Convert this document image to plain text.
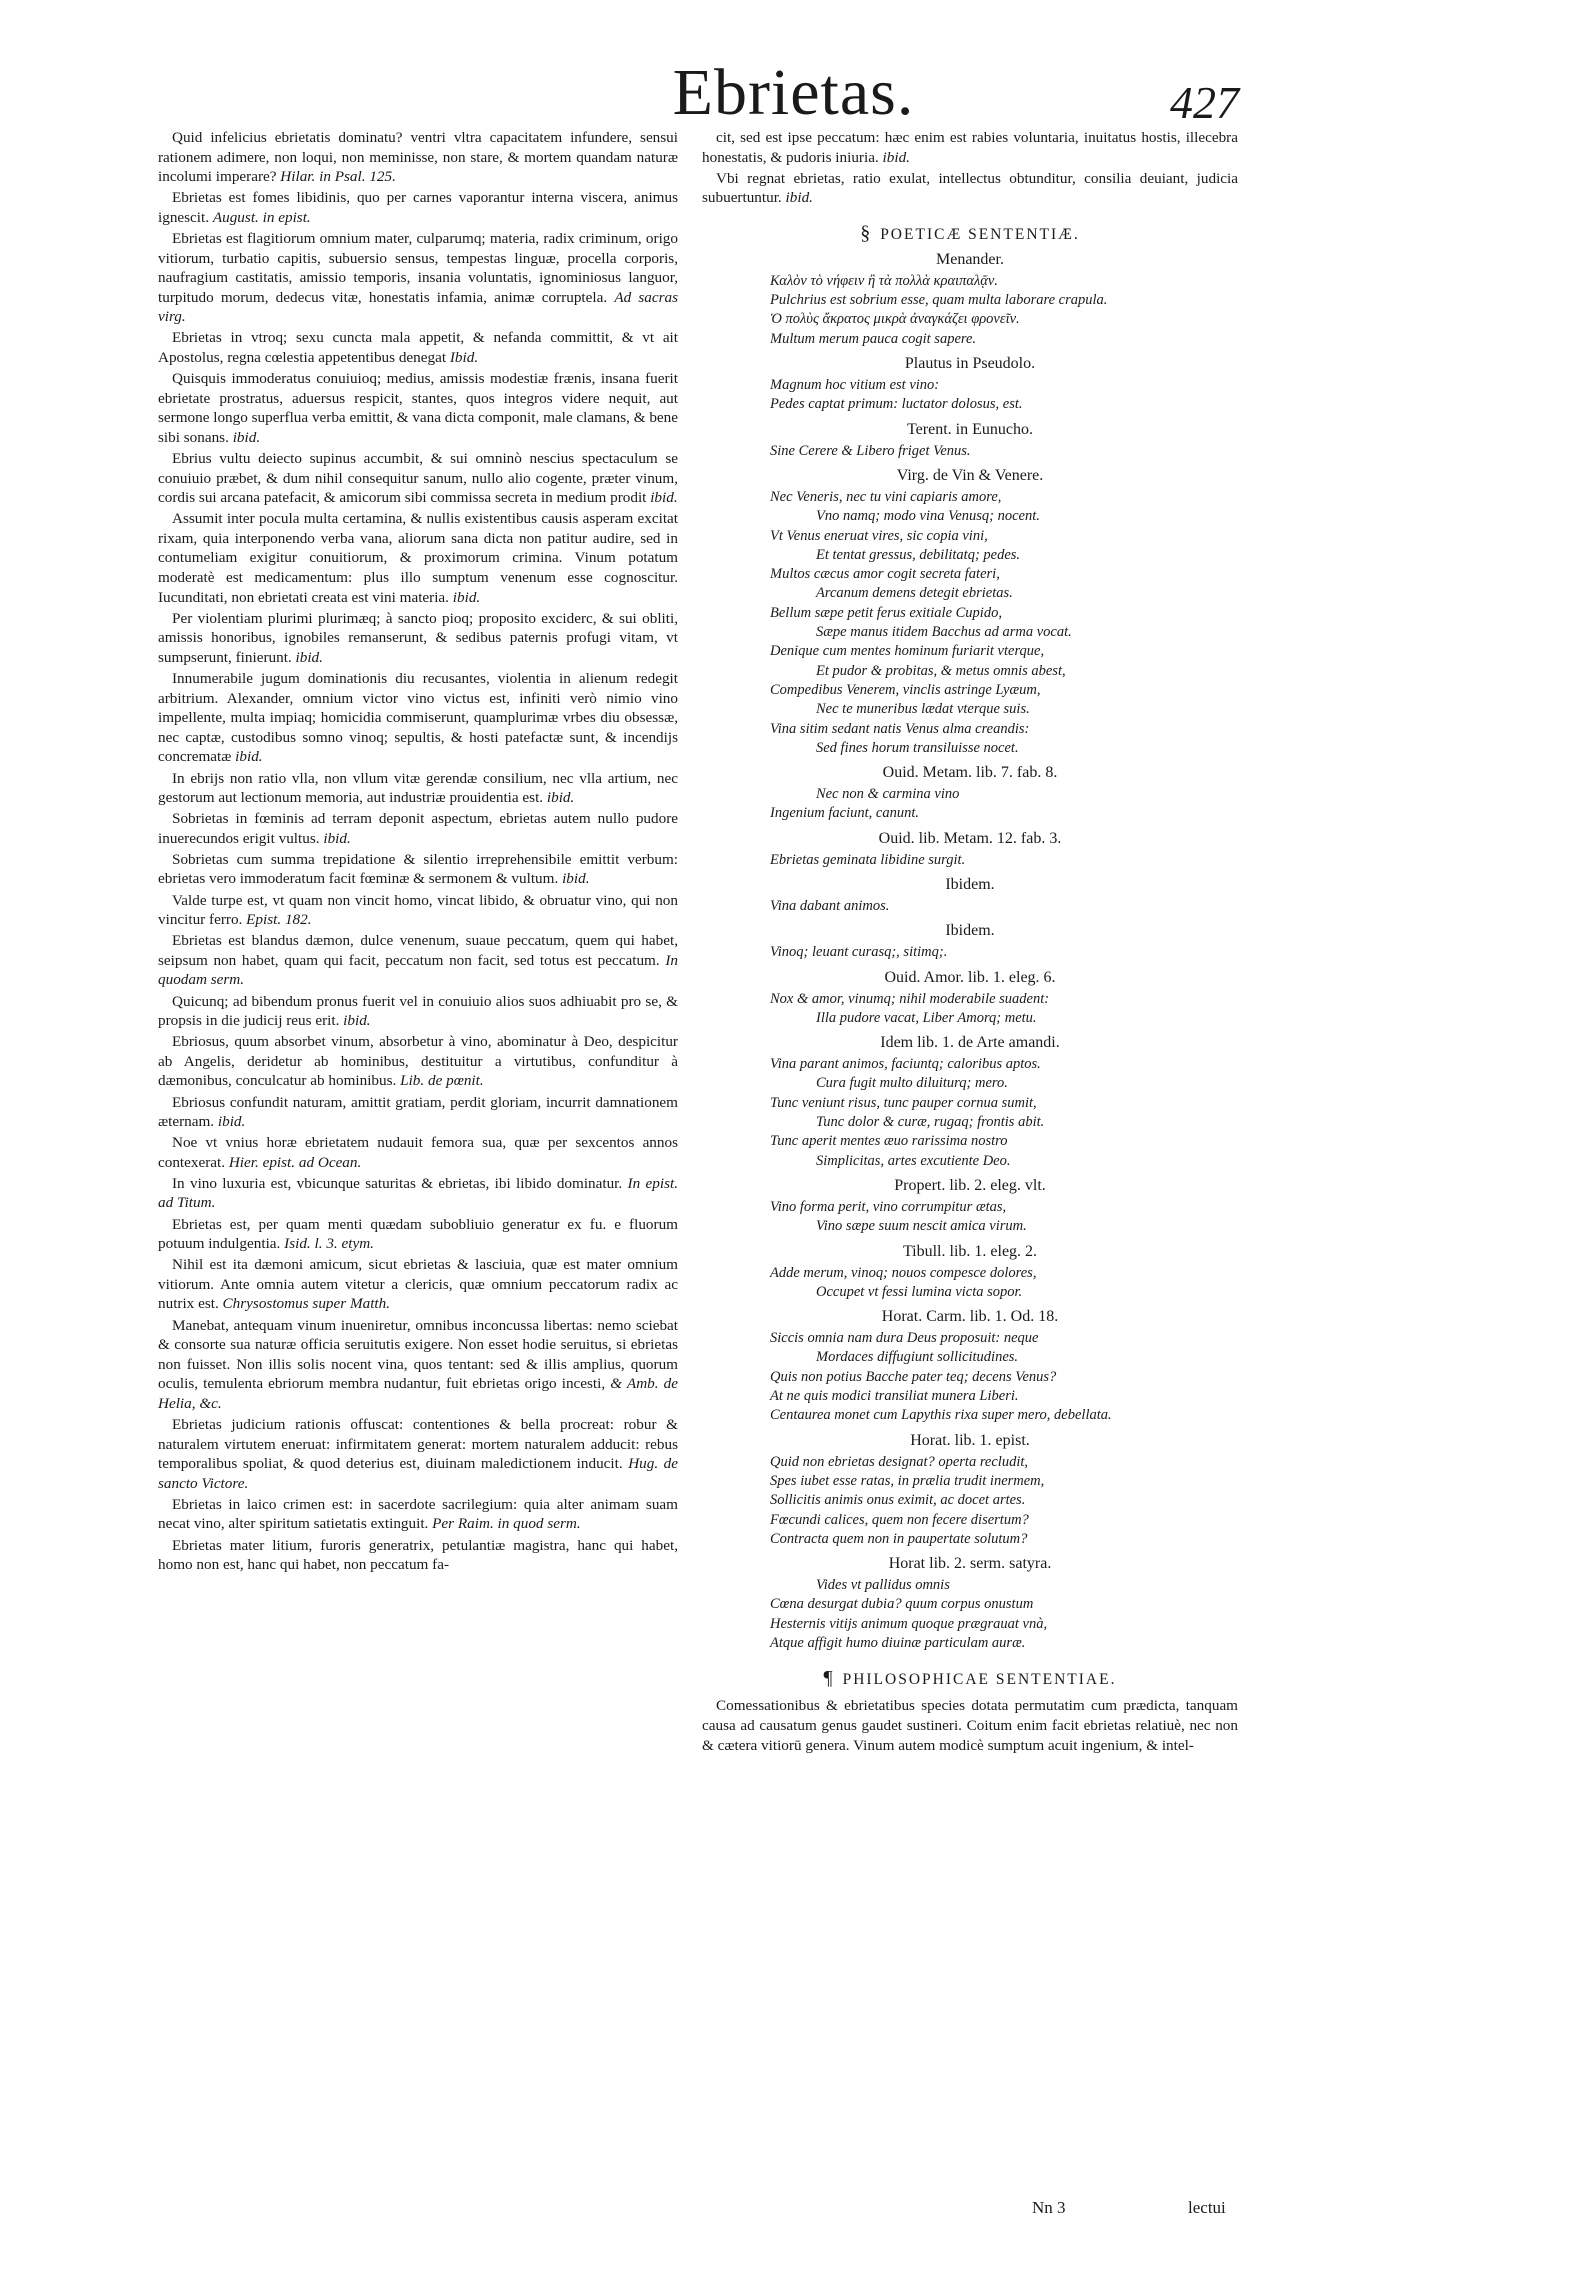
Ebrietas.	427

Quid infelicius ebrietatis dominatu? ventri vltra capacitatem infundere, sensui rationem adimere, non loqui, non meminisse, non stare, & mortem quandam naturæ incolumi imperare? Hilar. in Psal. 125.

Ebrietas est fomes libidinis, quo per carnes vaporantur interna viscera, animus ignescit. August. in epist.

Ebrietas est flagitiorum omnium mater, culparumq; materia, radix criminum, origo vitiorum, turbatio capitis, subuersio sensus, tempestas linguæ, procella corporis, naufragium castitatis, amissio temporis, insania voluntatis, ignominiosus languor, turpitudo morum, dedecus vitæ, honestatis infamia, animæ corruptela. Ad sacras virg.

Ebrietas in vtroq; sexu cuncta mala appetit, & nefanda committit, & vt ait Apostolus, regna cœlestia appetentibus denegat Ibid.

Quisquis immoderatus conuiuioq; medius, amissis modestiæ frænis, insana fuerit ebrietate prostratus, aduersus respicit, stantes, quos integros videre nequit, aut sermone longo superflua verba emittit, & vana dicta componit, male clamans, & bene sibi sonans. ibid.

Ebrius vultu deiecto supinus accumbit, & sui omninò nescius spectaculum se conuiuio præbet, & dum nihil consequitur sanum, nullo alio cogente, præter vinum, cordis sui arcana patefacit, & amicorum sibi commissa secreta in medium prodit ibid.

Assumit inter pocula multa certamina, & nullis existentibus causis asperam excitat rixam, quia interponendo verba vana, aliorum sana dicta non patitur audire, sed in contumeliam exigitur conuitiorum, & proximorum crimina. Vinum potatum moderatè est medicamentum: plus illo sumptum venenum esse cognoscitur. Iucunditati, non ebrietati creata est vini materia. ibid.

Per violentiam plurimi plurimæq; à sancto pioq; proposito exciderc, & sui obliti, amissis honoribus, ignobiles remanserunt, & sedibus paternis profugi vitam, vt sumpserunt, finierunt. ibid.

Innumerabile jugum dominationis diu recusantes, violentia in alienum redegit arbitrium. Alexander, omnium victor vino victus est, infiniti verò nimio vino impellente, multa impiaq; homicidia commiserunt, quamplurimæ vrbes diu obsessæ, nec captæ, custodibus somno vinoq; sepultis, & hosti patefactæ sunt, & incendijs concrematæ ibid.

In ebrijs non ratio vlla, non vllum vitæ gerendæ consilium, nec vlla artium, nec gestorum aut lectionum memoria, aut industriæ prouidentia est. ibid.

Sobrietas in fœminis ad terram deponit aspectum, ebrietas autem nullo pudore inuerecundos erigit vultus. ibid.

Sobrietas cum summa trepidatione & silentio irreprehensibile emittit verbum: ebrietas vero immoderatum facit fœminæ & sermonem & vultum. ibid.

Valde turpe est, vt quam non vincit homo, vincat libido, & obruatur vino, qui non vincitur ferro. Epist. 182.

Ebrietas est blandus dæmon, dulce venenum, suaue peccatum, quem qui habet, seipsum non habet, quam qui facit, peccatum non facit, sed totus est peccatum. In quodam serm.

Quicunq; ad bibendum pronus fuerit vel in conuiuio alios suos adhiuabit pro se, & propsis in die judicij reus erit. ibid.

Ebriosus, quum absorbet vinum, absorbetur à vino, abominatur à Deo, despicitur ab Angelis, deridetur ab hominibus, destituitur a virtutibus, confunditur à dæmonibus, conculcatur ab hominibus. Lib. de pœnit.

Ebriosus confundit naturam, amittit gratiam, perdit gloriam, incurrit damnationem æternam. ibid.

Noe vt vnius horæ ebrietatem nudauit femora sua, quæ per sexcentos annos contexerat. Hier. epist. ad Ocean.

In vino luxuria est, vbicunque saturitas & ebrietas, ibi libido dominatur. In epist. ad Titum.

Ebrietas est, per quam menti quædam subobliuio generatur ex fu. e fluorum potuum indulgentia. Isid. l. 3. etym.

Nihil est ita dæmoni amicum, sicut ebrietas & lasciuia, quæ est mater omnium vitiorum. Ante omnia autem vitetur a clericis, quæ omnium peccatorum radix ac nutrix est. Chrysostomus super Matth.

Manebat, antequam vinum inueniretur, omnibus inconcussa libertas: nemo sciebat & consorte sua naturæ officia seruitutis exigere. Non esset hodie seruitus, si ebrietas non fuisset. Non illis solis nocent vina, quos tentant: sed & illis amplius, quorum oculis, temulenta ebriorum membra nudantur, fuit ebrietas origo incesti, & Amb. de Helia, &c.

Ebrietas judicium rationis offuscat: contentiones & bella procreat: robur & naturalem virtutem eneruat: infirmitatem generat: mortem naturalem adducit: rebus temporalibus spoliat, & quod deterius est, diuinam maledictionem inducit. Hug. de sancto Victore.

Ebrietas in laico crimen est: in sacerdote sacrilegium: quia alter animam suam necat vino, alter spiritum satietatis extinguit. Per Raim. in quod serm.

Ebrietas mater litium, furoris generatrix, petulantiæ magistra, hanc qui habet, homo non est, hanc qui habet, non peccatum fa-

cit, sed est ipse peccatum: hæc enim est rabies voluntaria, inuitatus hostis, illecebra honestatis, & pudoris iniuria. ibid.

Vbi regnat ebrietas, ratio exulat, intellectus obtunditur, consilia deuiant, judicia subuertuntur. ibid.

§ POETICÆ SENTENTIÆ.
Menander.
Καλὸν τὸ νήφειν ἢ τὰ πολλὰ κραιπαλᾷν.
Pulchrius est sobrium esse, quam multa laborare crapula.
Ὁ πολὺς ἄκρατος μικρὰ ἀναγκάζει φρονεῖν.
Multum merum pauca cogit sapere.
Plautus in Pseudolo.
Magnum hoc vitium est vino:
Pedes captat primum: luctator dolosus, est.
Terent. in Eunucho.
Sine Cerere & Libero friget Venus.
Virg. de Vin & Venere.
Nec Veneris, nec tu vini capiaris amore,
Vno namq; modo vina Venusq; nocent.
Vt Venus eneruat vires, sic copia vini,
Et tentat gressus, debilitatq; pedes.
Multos cæcus amor cogit secreta fateri,
Arcanum demens detegit ebrietas.
Bellum sæpe petit ferus exitiale Cupido,
Sæpe manus itidem Bacchus ad arma vocat.
Denique cum mentes hominum furiarit vterque,
Et pudor & probitas, & metus omnis abest,
Compedibus Venerem, vinclis astringe Lyæum,
Nec te muneribus lædat vterque suis.
Vina sitim sedant natis Venus alma creandis:
Sed fines horum transiluisse nocet.
Ouid. Metam. lib. 7. fab. 8.
Nec non & carmina vino
Ingenium faciunt, canunt.
Ouid. lib. Metam. 12. fab. 3.
Ebrietas geminata libidine surgit.
Ibidem.
Vina dabant animos.
Ibidem.
Vinoq; leuant curasq;, sitimq;.
Ouid. Amor. lib. 1. eleg. 6.
Nox & amor, vinumq; nihil moderabile suadent:
Illa pudore vacat, Liber Amorq; metu.
Idem lib. 1. de Arte amandi.
Vina parant animos, faciuntq; caloribus aptos.
Cura fugit multo diluiturq; mero.
Tunc veniunt risus, tunc pauper cornua sumit,
Tunc dolor & curæ, rugaq; frontis abit.
Tunc aperit mentes æuo rarissima nostro
Simplicitas, artes excutiente Deo.
Propert. lib. 2. eleg. vlt.
Vino forma perit, vino corrumpitur ætas,
Vino sæpe suum nescit amica virum.
Tibull. lib. 1. eleg. 2.
Adde merum, vinoq; nouos compesce dolores,
Occupet vt fessi lumina victa sopor.
Horat. Carm. lib. 1. Od. 18.
Siccis omnia nam dura Deus proposuit: neque
Mordaces diffugiunt sollicitudines.
Quis non potius Bacche pater teq; decens Venus?
At ne quis modici transiliat munera Liberi.
Centaurea monet cum Lapythis rixa super mero, debellata.
Horat. lib. 1. epist.
Quid non ebrietas designat? operta recludit,
Spes iubet esse ratas, in prælia trudit inermem,
Sollicitis animis onus eximit, ac docet artes.
Fœcundi calices, quem non fecere disertum?
Contracta quem non in paupertate solutum?
Horat lib. 2. serm. satyra.
Vides vt pallidus omnis
Cœna desurgat dubia? quum corpus onustum
Hesternis vitijs animum quoque prægrauat vnà,
Atque affigit humo diuinæ particulam auræ.
¶ PHILOSOPHICAE SENTENTIAE.

Comessationibus & ebrietatibus species dotata permutatim cum prædicta, tanquam causa ad causatum genus gaudet sustineri. Coitum enim facit ebrietas relatiuè, nec non & cætera vitiorū genera. Vinum autem modicè sumptum acuit ingenium, & intel-

Nn 3	lectui
